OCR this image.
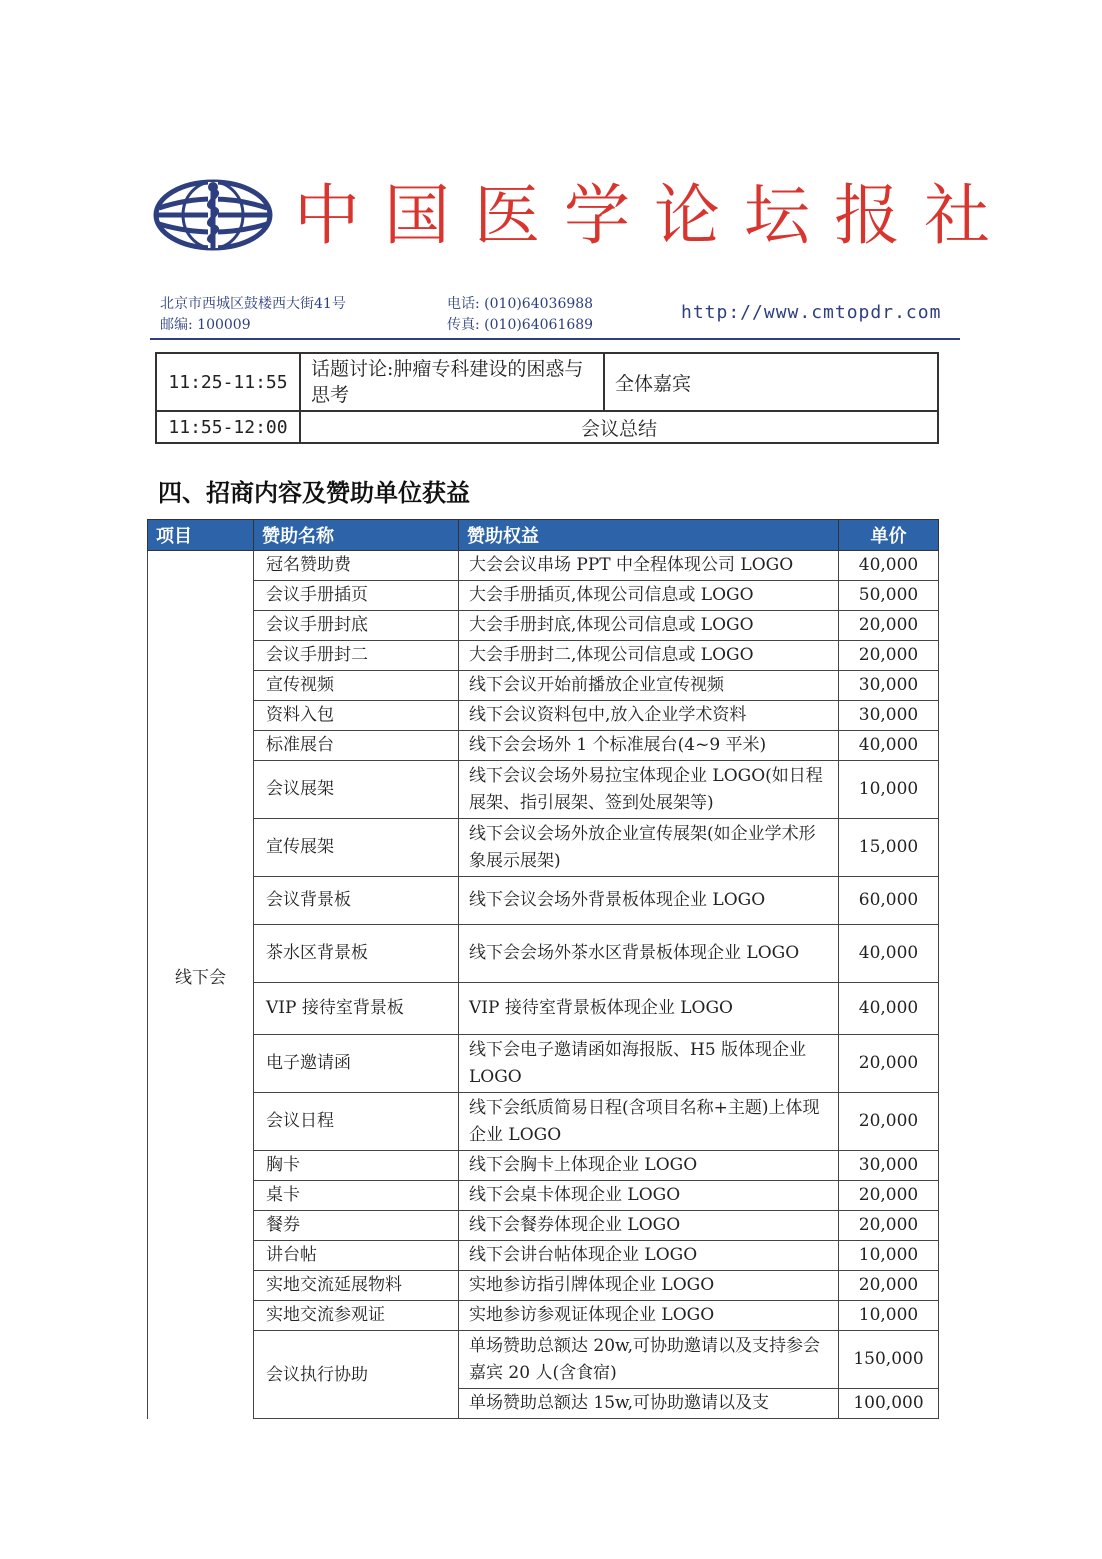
中国医学论坛报社
北京市西城区鼓楼西大街41号
邮编: 100009
电话: (010)64036988
传真: (010)64061689
http://www.cmtopdr.com
11:25-11:55	话题讨论:肿瘤专科建设的困惑与思考	全体嘉宾
11:55-12:00	会议总结	
四、招商内容及赞助单位获益
项目	赞助名称	赞助权益	单价

线下会	冠名赞助费	大会会议串场 PPT 中全程体现公司 LOGO	40,000
	会议手册插页	大会手册插页,体现公司信息或 LOGO	50,000
	会议手册封底	大会手册封底,体现公司信息或 LOGO	20,000
	会议手册封二	大会手册封二,体现公司信息或 LOGO	20,000
	宣传视频	线下会议开始前播放企业宣传视频	30,000
	资料入包	线下会议资料包中,放入企业学术资料	30,000
	标准展台	线下会会场外 1 个标准展台(4~9 平米)	40,000
	会议展架	线下会议会场外易拉宝体现企业 LOGO(如日程展架、指引展架、签到处展架等)	10,000
	宣传展架	线下会议会场外放企业宣传展架(如企业学术形象展示展架)	15,000
	会议背景板	线下会议会场外背景板体现企业 LOGO	60,000
	茶水区背景板	线下会会场外茶水区背景板体现企业 LOGO	40,000
	VIP 接待室背景板	VIP 接待室背景板体现企业 LOGO	40,000
	电子邀请函	线下会电子邀请函如海报版、H5 版体现企业 LOGO	20,000
	会议日程	线下会纸质简易日程(含项目名称+主题)上体现企业 LOGO	20,000
	胸卡	线下会胸卡上体现企业 LOGO	30,000
	桌卡	线下会桌卡体现企业 LOGO	20,000
	餐券	线下会餐券体现企业 LOGO	20,000
	讲台帖	线下会讲台帖体现企业 LOGO	10,000
	实地交流延展物料	实地参访指引牌体现企业 LOGO	20,000
	实地交流参观证	实地参访参观证体现企业 LOGO	10,000
	会议执行协助	单场赞助总额达 20w,可协助邀请以及支持参会嘉宾 20 人(含食宿)	150,000
		单场赞助总额达 15w,可协助邀请以及支	100,000
